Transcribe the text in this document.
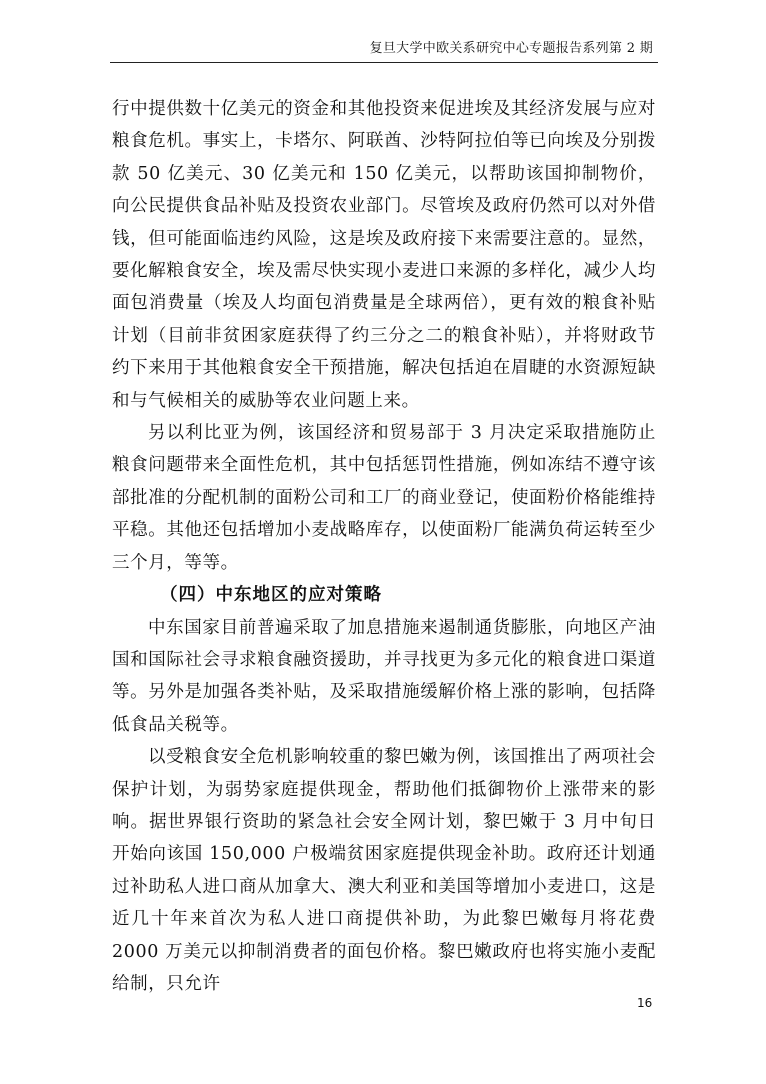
复旦大学中欧关系研究中心专题报告系列第 2 期

行中提供数十亿美元的资金和其他投资来促进埃及其经济发展与应对粮食危机。事实上，卡塔尔、阿联酋、沙特阿拉伯等已向埃及分别拨款 50 亿美元、30 亿美元和 150 亿美元，以帮助该国抑制物价，向公民提供食品补贴及投资农业部门。尽管埃及政府仍然可以对外借钱，但可能面临违约风险，这是埃及政府接下来需要注意的。显然，要化解粮食安全，埃及需尽快实现小麦进口来源的多样化，减少人均面包消费量（埃及人均面包消费量是全球两倍），更有效的粮食补贴计划（目前非贫困家庭获得了约三分之二的粮食补贴），并将财政节约下来用于其他粮食安全干预措施，解决包括迫在眉睫的水资源短缺和与气候相关的威胁等农业问题上来。

另以利比亚为例，该国经济和贸易部于 3 月决定采取措施防止粮食问题带来全面性危机，其中包括惩罚性措施，例如冻结不遵守该部批准的分配机制的面粉公司和工厂的商业登记，使面粉价格能维持平稳。其他还包括增加小麦战略库存，以使面粉厂能满负荷运转至少三个月，等等。

（四）中东地区的应对策略

中东国家目前普遍采取了加息措施来遏制通货膨胀，向地区产油国和国际社会寻求粮食融资援助，并寻找更为多元化的粮食进口渠道等。另外是加强各类补贴，及采取措施缓解价格上涨的影响，包括降低食品关税等。

以受粮食安全危机影响较重的黎巴嫩为例，该国推出了两项社会保护计划，为弱势家庭提供现金，帮助他们抵御物价上涨带来的影响。据世界银行资助的紧急社会安全网计划，黎巴嫩于 3 月中旬日开始向该国 150,000 户极端贫困家庭提供现金补助。政府还计划通过补助私人进口商从加拿大、澳大利亚和美国等增加小麦进口，这是近几十年来首次为私人进口商提供补助，为此黎巴嫩每月将花费 2000 万美元以抑制消费者的面包价格。黎巴嫩政府也将实施小麦配给制，只允许

16
